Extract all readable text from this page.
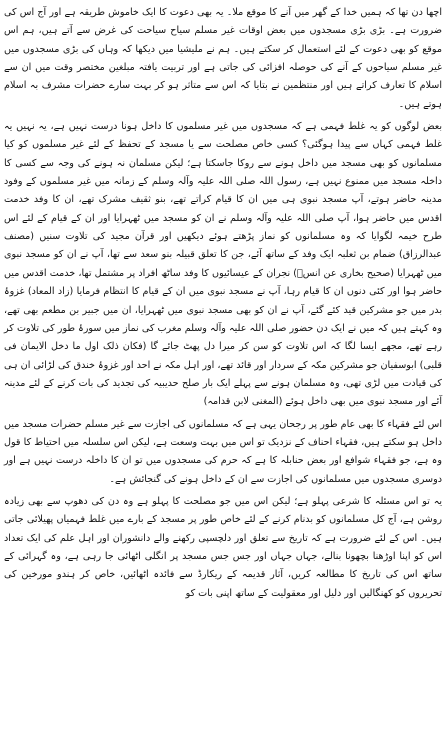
اچھا دن تھا کہ ہمیں خدا کے گھر میں آنے کا موقع ملا۔ یہ بھی دعوت کا ایک خاموش طریقہ ہے اور آج اس کی ضرورت ہے۔ بڑی بڑی مسجدوں میں بعض اوقات غیر مسلم سیاح سیاحت کی غرض سے آتے ہیں، ہم اس موقع کو بھی دعوت کے لئے استعمال کر سکتے ہیں۔ ہم نے ملیشیا میں دیکھا کہ وہاں کی بڑی مسجدوں میں غیر مسلم سیاحوں کے آنے کی حوصلہ افزائی کی جاتی ہے اور تربیت یافتہ مبلغین مختصر وقت میں ان سے اسلام کا تعارف کراتے ہیں اور منتظمین نے بتایا کہ اس سے متاثر ہو کر بہت سارے حضرات مشرف بہ اسلام ہوتے ہیں۔

بعض لوگوں کو یہ غلط فہمی ہے کہ مسجدوں میں غیر مسلموں کا داخل ہونا درست نہیں ہے، یہ نہیں یہ غلط فہمی کہاں سے پیدا ہوگئی؟ کسی خاص مصلحت سے یا مسجد کے تحفظ کے لئے غیر مسلموں کو کیا مسلمانوں کو بھی مسجد میں داخل ہونے سے روکا جاسکتا ہے؛ لیکن مسلمان نہ ہونے کی وجہ سے کسی کا داخلہ مسجد میں ممنوع نہیں ہے، رسول اللہ صلی اللہ علیہ وآلہ وسلم کے زمانہ میں غیر مسلموں کے وفود مدینہ حاضر ہوتے، آپ مسجد نبوی ہی میں ان کا قیام کراتے تھے، بنو ثقیف مشرک تھے، ان کا وفد خدمت اقدس میں حاضر ہوا، آپ صلی اللہ علیہ وآلہ وسلم نے ان کو مسجد میں ٹھہرایا اور ان کے قیام کے لئے اس طرح خیمہ لگوایا کہ وہ مسلمانوں کو نماز پڑھتے ہوئے دیکھیں اور قرآن مجید کی تلاوت سنیں (مصنف عبدالرزاق) ضمام بن ثعلبہ ایک وفد کے ساتھ آئے، جن کا تعلق قبیلہ بنو سعد سے تھا، آپ نے ان کو مسجد نبوی میں ٹھہرایا (صحیح بخاری عن انسؓ) نجران کے عیسائیوں کا وفد ساٹھ افراد پر مشتمل تھا، خدمت اقدس میں حاضر ہوا اور کئی دنوں ان کا قیام رہا، آپ نے مسجد نبوی میں ان کے قیام کا انتظام فرمایا (زاد المعاد) غزوۂ بدر میں جو مشرکین قید کئے گئے، آپ نے ان کو بھی مسجد نبوی میں ٹھہرایا، ان میں جبیر بن مطعم بھی تھے، وہ کہتے ہیں کہ میں نے ایک دن حضور صلی اللہ علیہ وآلہ وسلم مغرب کی نماز میں سورۂ طور کی تلاوت کر رہے تھے، مجھے ایسا لگا کہ اس تلاوت کو سن کر میرا دل پھٹ جائے گا (فکان ذلک اول ما دخل الایمان فی قلبی) ابوسفیان جو مشرکین مکہ کے سردار اور قائد تھے، اور اہل مکہ نے احد اور غزوۂ خندق کی لڑائی ان ہی کی قیادت میں لڑی تھی، وہ مسلمان ہونے سے پہلے ایک بار صلح حدیبیہ کی تجدید کی بات کرنے کے لئے مدینہ آئے اور مسجد نبوی میں بھی داخل ہوئے (المغنی لابن قدامہ)

اس لئے فقہاء کا بھی عام طور پر رجحان یہی ہے کہ مسلمانوں کی اجازت سے غیر مسلم حضرات مسجد میں داخل ہو سکتے ہیں، فقہاء احناف کے نزدیک تو اس میں بہت وسعت ہے، لیکن اس سلسلہ میں احتیاط کا قول وہ ہے، جو فقہاء شوافع اور بعض حنابلہ کا ہے کہ حرم کی مسجدوں میں تو ان کا داخلہ درست نہیں ہے اور دوسری مسجدوں میں مسلمانوں کی اجازت سے ان کے داخل ہونے کی گنجائش ہے۔

یہ تو اس مسئلہ کا شرعی پہلو ہے؛ لیکن اس میں جو مصلحت کا پہلو ہے وہ دن کی دھوپ سے بھی زیادہ روشن ہے، آج کل مسلمانوں کو بدنام کرنے کے لئے خاص طور پر مسجد کے بارے میں غلط فہمیاں پھیلائی جاتی ہیں۔ اس کے لئے ضرورت ہے کہ تاریخ سے تعلق اور دلچسپی رکھنے والے دانشوران اور اہل علم کی ایک تعداد اس کو اپنا اوڑھنا بچھونا بنالے، جہاں جہاں اور جس جس مسجد پر انگلی اٹھائی جا رہی ہے، وہ گہرائی کے ساتھ اس کی تاریخ کا مطالعہ کریں، آثار قدیمہ کے ریکارڈ سے فائدہ اٹھائیں، خاص کر ہندو مورخین کی تحریروں کو کھنگالیں اور دلیل اور معقولیت کے ساتھ اپنی بات کو
